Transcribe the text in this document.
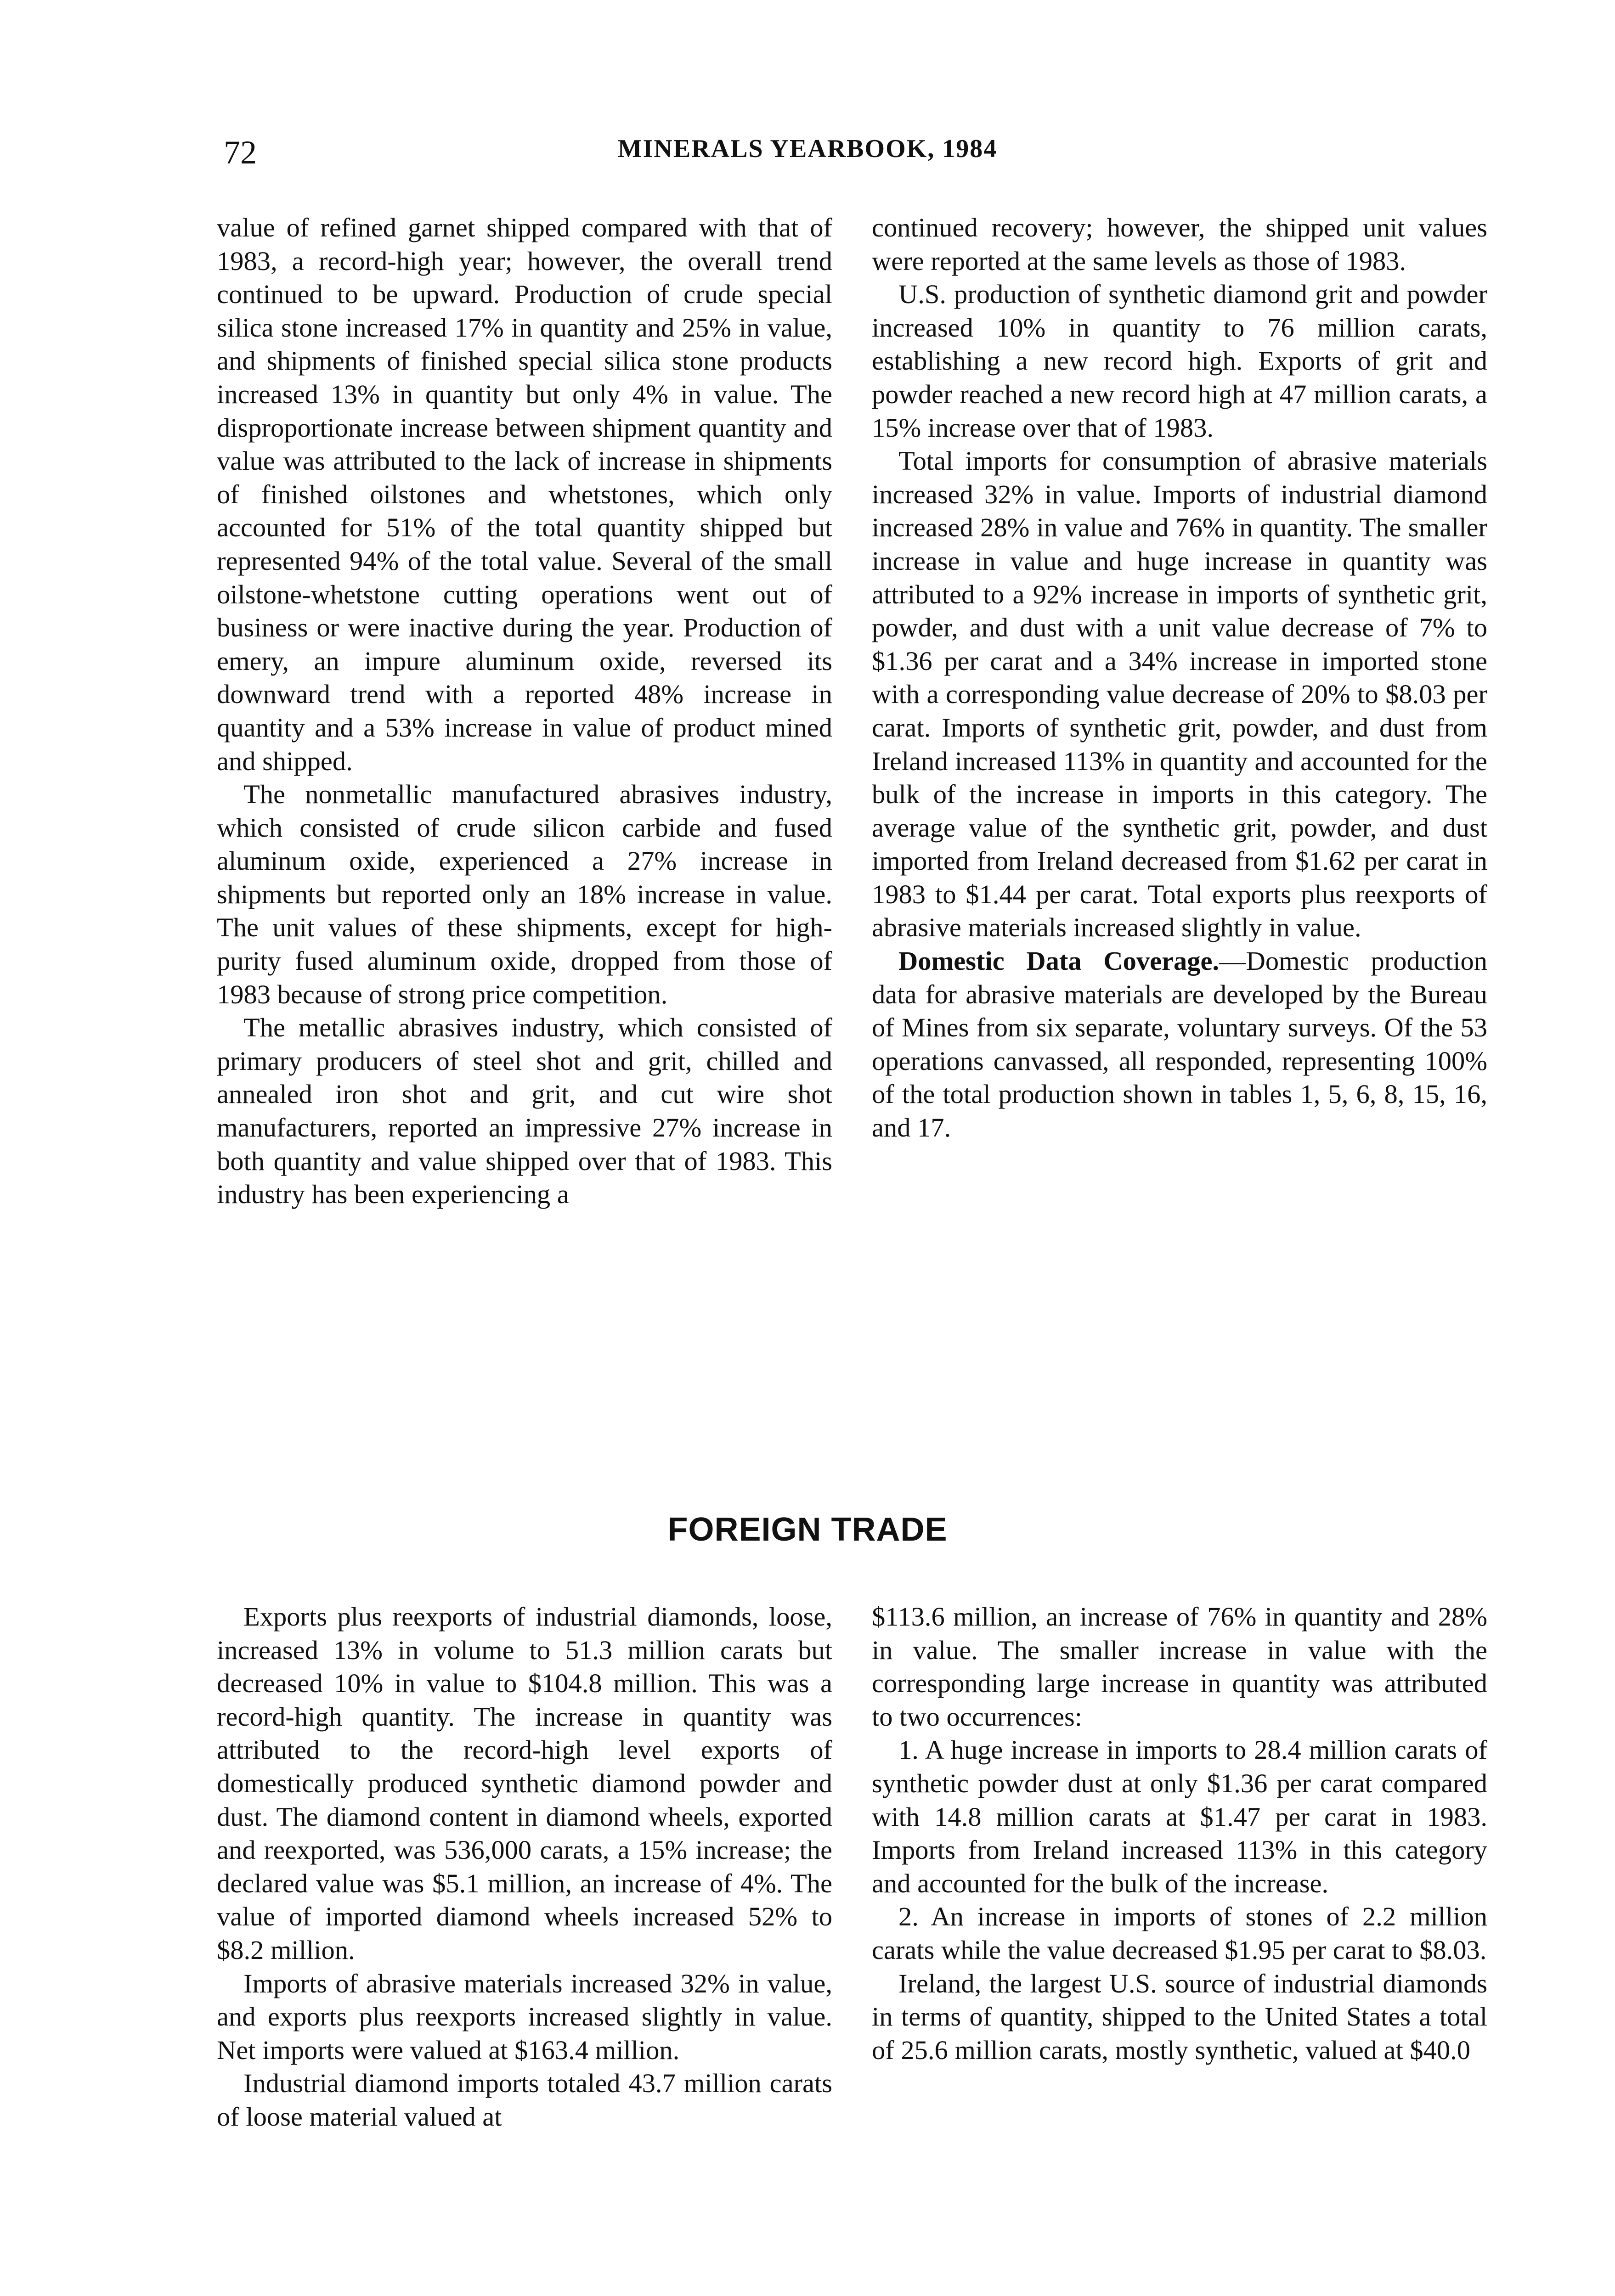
72	MINERALS YEARBOOK, 1984

value of refined garnet shipped compared with that of 1983, a record-high year; however, the overall trend continued to be upward. Production of crude special silica stone increased 17% in quantity and 25% in value, and shipments of finished special silica stone products increased 13% in quantity but only 4% in value. The disproportionate increase between shipment quantity and value was attributed to the lack of increase in shipments of finished oilstones and whetstones, which only accounted for 51% of the total quantity shipped but represented 94% of the total value. Several of the small oilstone-whetstone cutting operations went out of business or were inactive during the year. Production of emery, an impure aluminum oxide, reversed its downward trend with a reported 48% increase in quantity and a 53% increase in value of product mined and shipped.

The nonmetallic manufactured abrasives industry, which consisted of crude silicon carbide and fused aluminum oxide, experienced a 27% increase in shipments but reported only an 18% increase in value. The unit values of these shipments, except for high-purity fused aluminum oxide, dropped from those of 1983 because of strong price competition.

The metallic abrasives industry, which consisted of primary producers of steel shot and grit, chilled and annealed iron shot and grit, and cut wire shot manufacturers, reported an impressive 27% increase in both quantity and value shipped over that of 1983. This industry has been experiencing a

continued recovery; however, the shipped unit values were reported at the same levels as those of 1983.

U.S. production of synthetic diamond grit and powder increased 10% in quantity to 76 million carats, establishing a new record high. Exports of grit and powder reached a new record high at 47 million carats, a 15% increase over that of 1983.

Total imports for consumption of abrasive materials increased 32% in value. Imports of industrial diamond increased 28% in value and 76% in quantity. The smaller increase in value and huge increase in quantity was attributed to a 92% increase in imports of synthetic grit, powder, and dust with a unit value decrease of 7% to $1.36 per carat and a 34% increase in imported stone with a corresponding value decrease of 20% to $8.03 per carat. Imports of synthetic grit, powder, and dust from Ireland increased 113% in quantity and accounted for the bulk of the increase in imports in this category. The average value of the synthetic grit, powder, and dust imported from Ireland decreased from $1.62 per carat in 1983 to $1.44 per carat. Total exports plus reexports of abrasive materials increased slightly in value.

Domestic Data Coverage.—Domestic production data for abrasive materials are developed by the Bureau of Mines from six separate, voluntary surveys. Of the 53 operations canvassed, all responded, representing 100% of the total production shown in tables 1, 5, 6, 8, 15, 16, and 17.

FOREIGN TRADE

Exports plus reexports of industrial diamonds, loose, increased 13% in volume to 51.3 million carats but decreased 10% in value to $104.8 million. This was a record-high quantity. The increase in quantity was attributed to the record-high level exports of domestically produced synthetic diamond powder and dust. The diamond content in diamond wheels, exported and reexported, was 536,000 carats, a 15% increase; the declared value was $5.1 million, an increase of 4%. The value of imported diamond wheels increased 52% to $8.2 million.

Imports of abrasive materials increased 32% in value, and exports plus reexports increased slightly in value. Net imports were valued at $163.4 million.

Industrial diamond imports totaled 43.7 million carats of loose material valued at

$113.6 million, an increase of 76% in quantity and 28% in value. The smaller increase in value with the corresponding large increase in quantity was attributed to two occurrences:

1. A huge increase in imports to 28.4 million carats of synthetic powder dust at only $1.36 per carat compared with 14.8 million carats at $1.47 per carat in 1983. Imports from Ireland increased 113% in this category and accounted for the bulk of the increase.

2. An increase in imports of stones of 2.2 million carats while the value decreased $1.95 per carat to $8.03.

Ireland, the largest U.S. source of industrial diamonds in terms of quantity, shipped to the United States a total of 25.6 million carats, mostly synthetic, valued at $40.0
